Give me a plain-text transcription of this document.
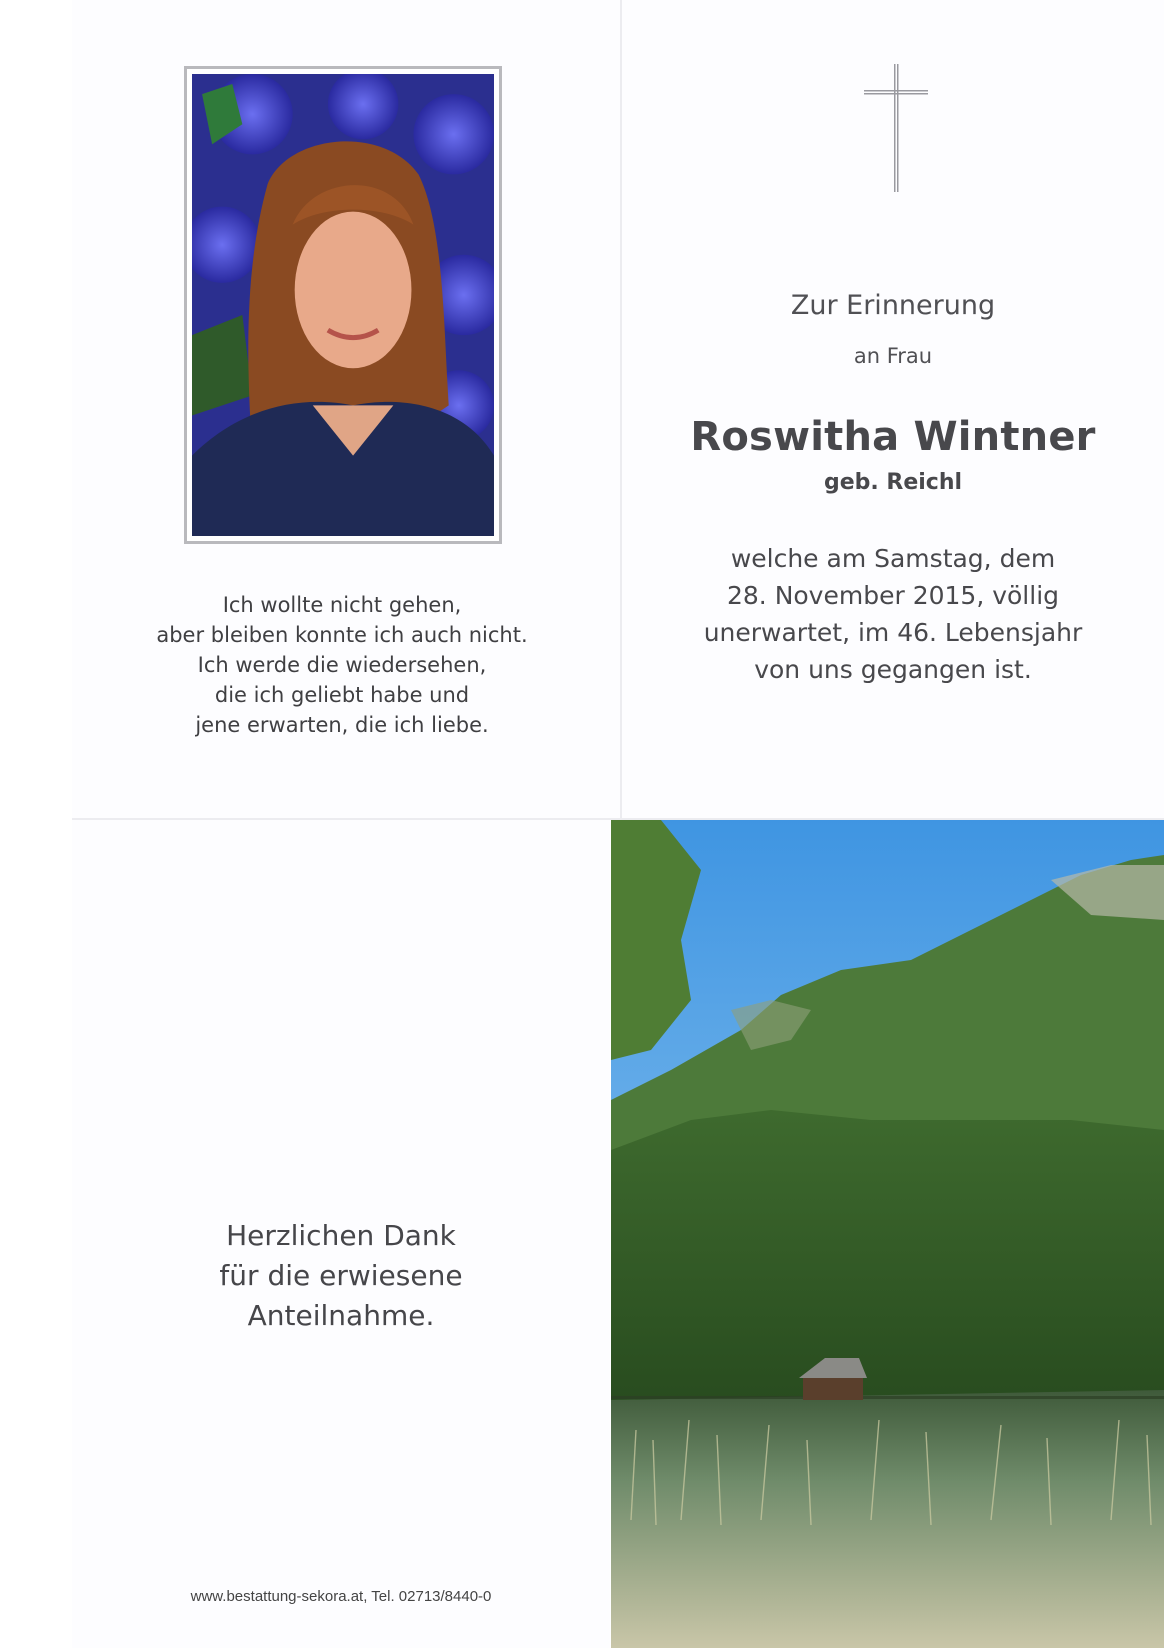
Ich wollte nicht gehen,
aber bleiben konnte ich auch nicht.
Ich werde die wiedersehen,
die ich geliebt habe und
jene erwarten, die ich liebe.
Zur Erinnerung
an Frau
Roswitha Wintner
geb. Reichl
welche am Samstag, dem
28. November 2015, völlig
unerwartet, im 46. Lebensjahr
von uns gegangen ist.
Herzlichen Dank
für die erwiesene
Anteilnahme.
www.bestattung-sekora.at, Tel. 02713/8440-0
